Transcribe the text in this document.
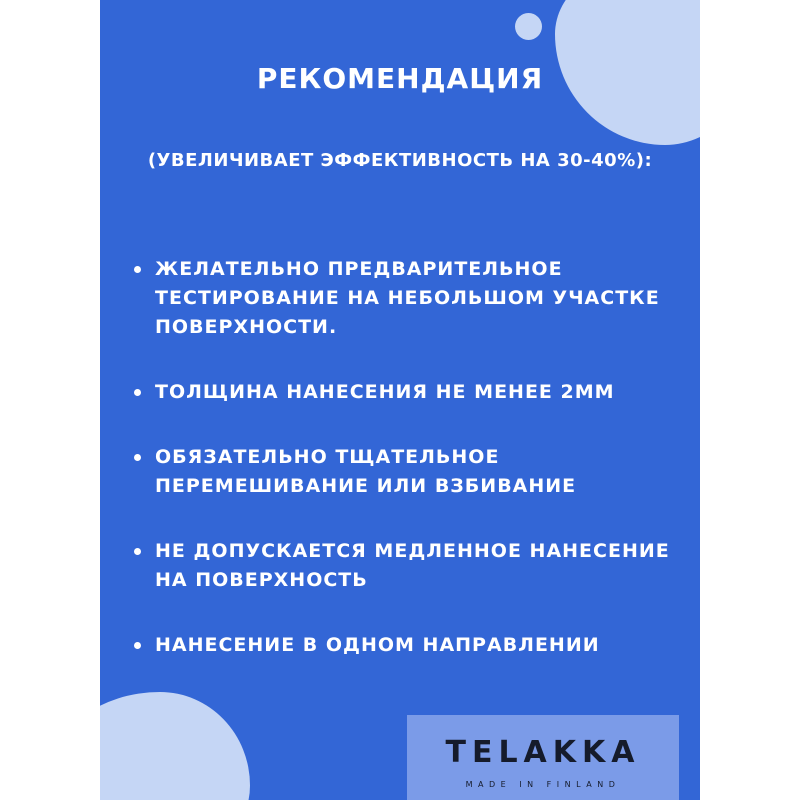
РЕКОМЕНДАЦИЯ

(УВЕЛИЧИВАЕТ ЭФФЕКТИВНОСТЬ НА 30-40%):

ЖЕЛАТЕЛЬНО ПРЕДВАРИТЕЛЬНОЕ ТЕСТИРОВАНИЕ НА НЕБОЛЬШОМ УЧАСТКЕ ПОВЕРХНОСТИ.
ТОЛЩИНА НАНЕСЕНИЯ НЕ МЕНЕЕ 2ММ
ОБЯЗАТЕЛЬНО ТЩАТЕЛЬНОЕ ПЕРЕМЕШИВАНИЕ ИЛИ ВЗБИВАНИЕ
НЕ ДОПУСКАЕТСЯ МЕДЛЕННОЕ НАНЕСЕНИЕ НА ПОВЕРХНОСТЬ
НАНЕСЕНИЕ В ОДНОМ НАПРАВЛЕНИИ
TELAKKA
MADE IN FINLAND
